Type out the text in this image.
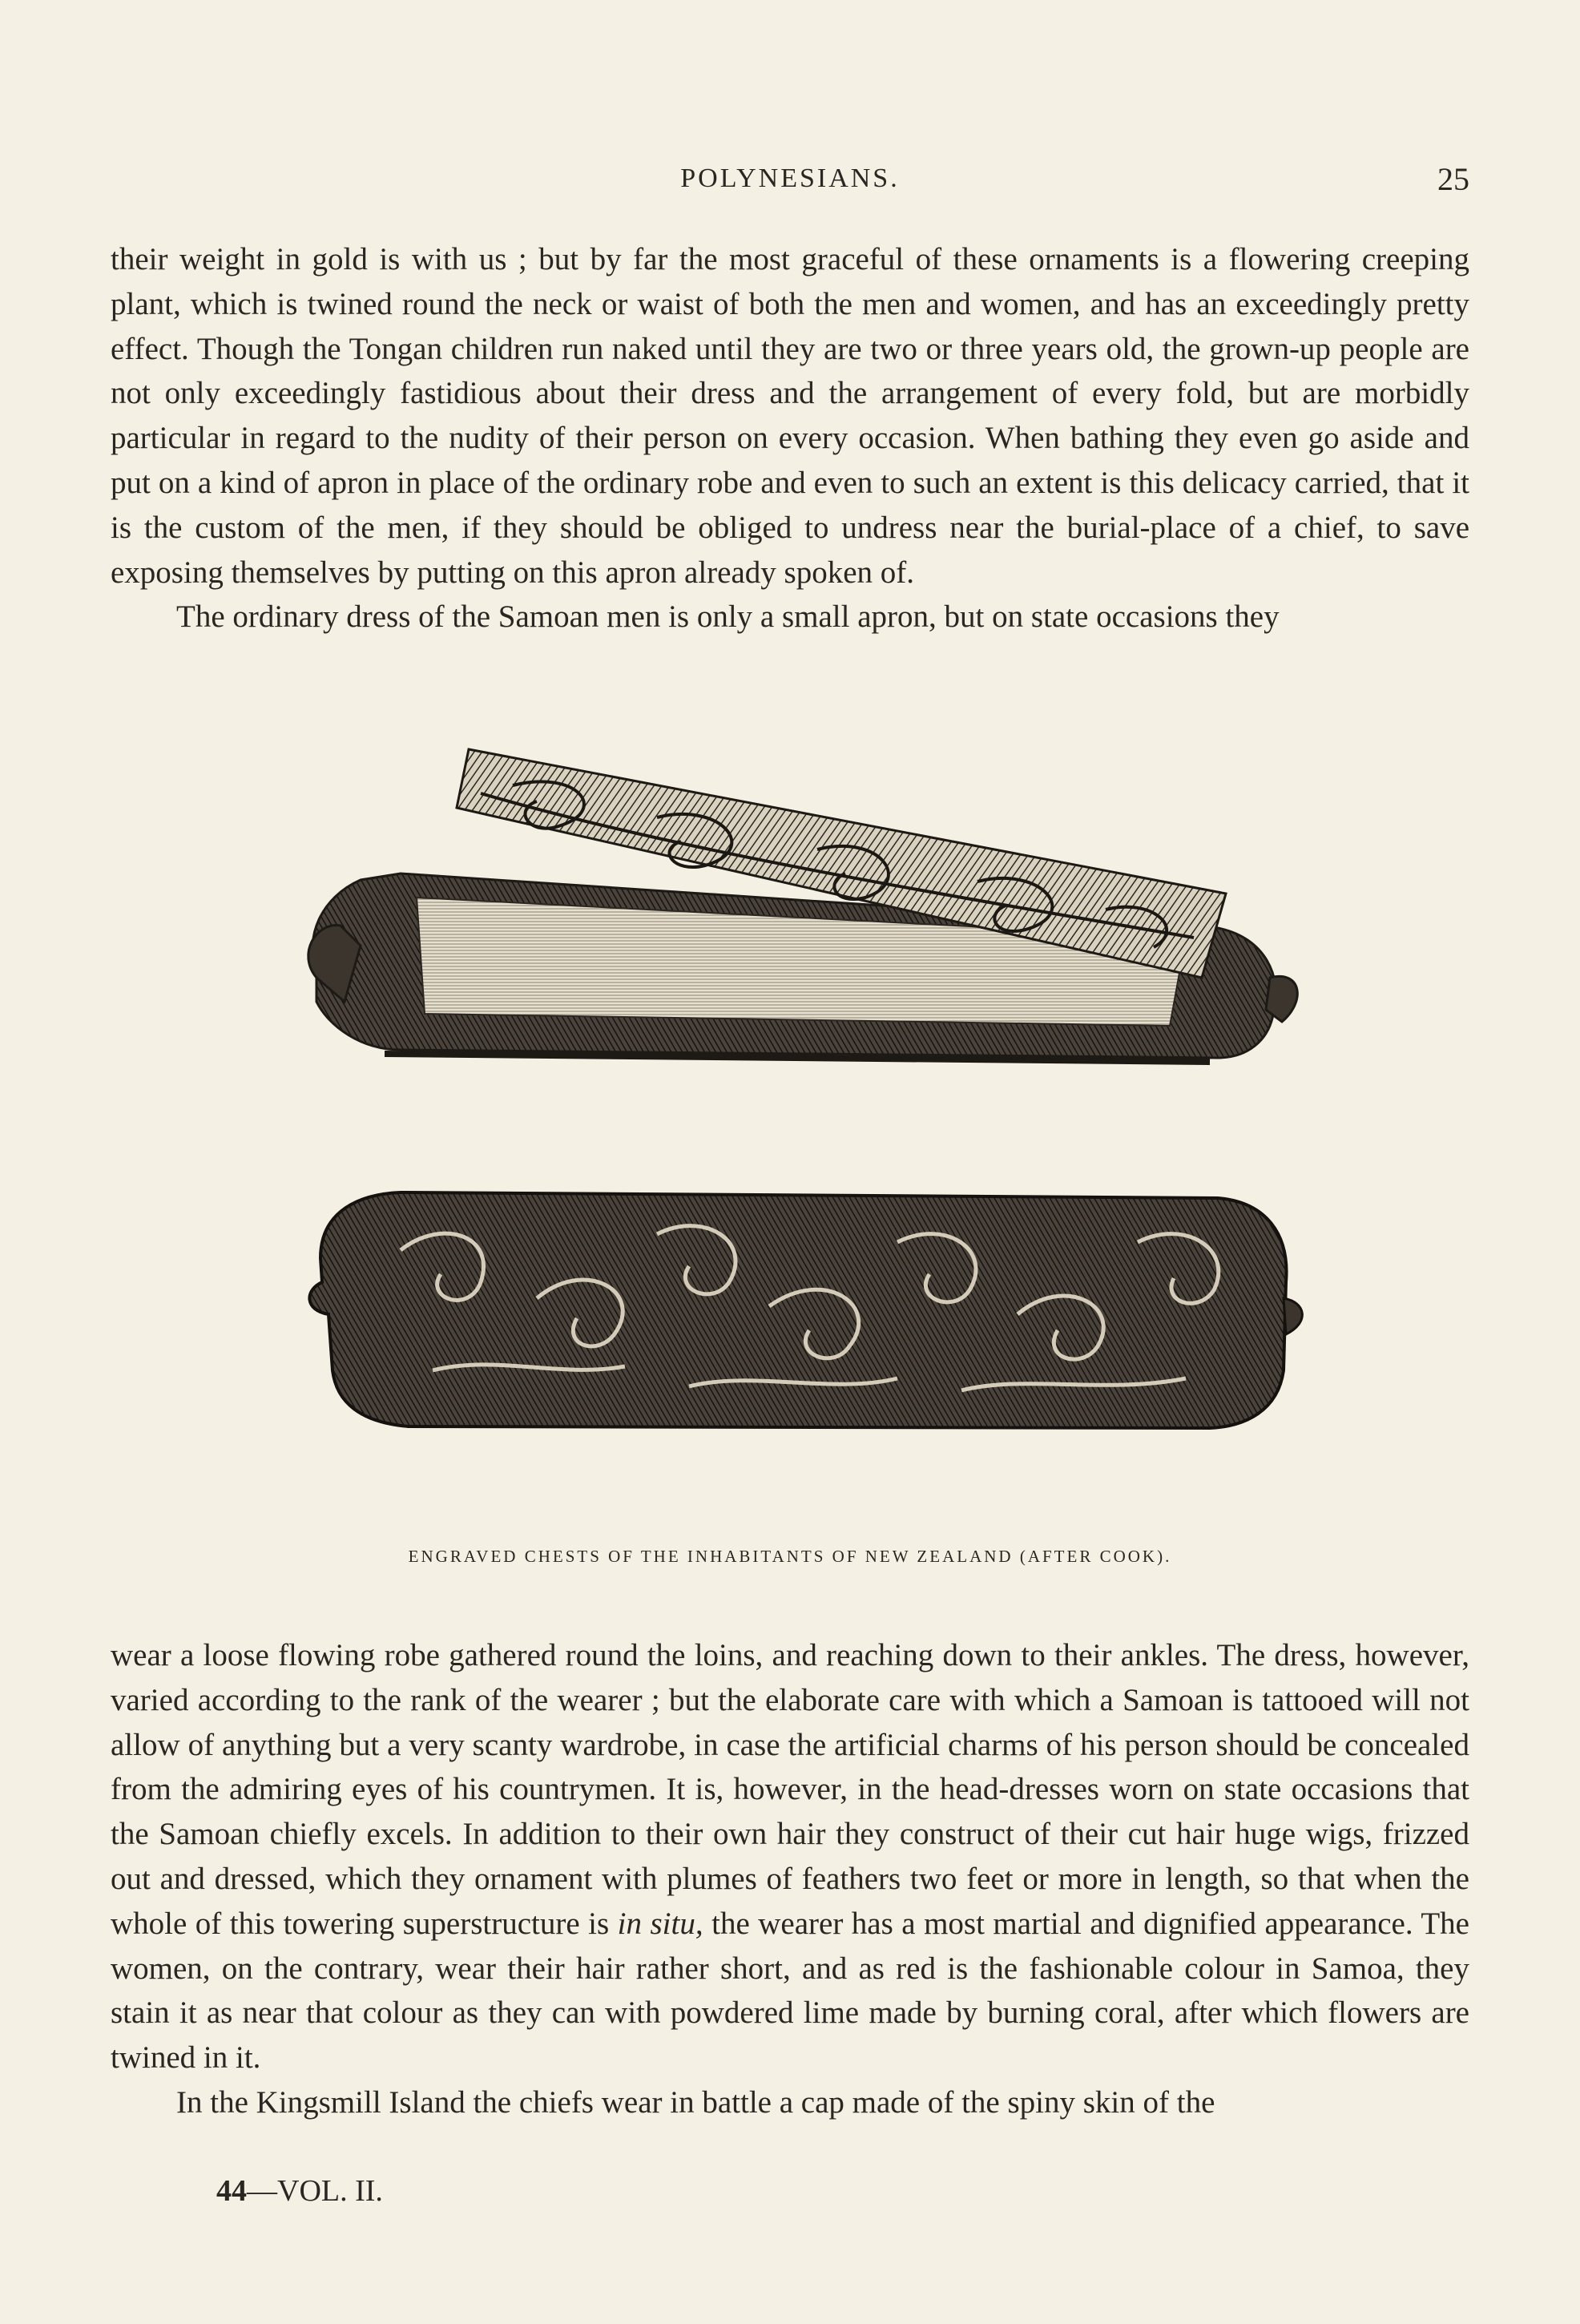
POLYNESIANS.	25

their weight in gold is with us ; but by far the most graceful of these ornaments is a flowering creeping plant, which is twined round the neck or waist of both the men and women, and has an exceedingly pretty effect. Though the Tongan children run naked until they are two or three years old, the grown-up people are not only exceedingly fastidious about their dress and the arrangement of every fold, but are morbidly particular in regard to the nudity of their person on every occasion. When bathing they even go aside and put on a kind of apron in place of the ordinary robe and even to such an extent is this delicacy carried, that it is the custom of the men, if they should be obliged to undress near the burial-place of a chief, to save exposing themselves by putting on this apron already spoken of.

The ordinary dress of the Samoan men is only a small apron, but on state occasions they

ENGRAVED CHESTS OF THE INHABITANTS OF NEW ZEALAND (AFTER COOK).

wear a loose flowing robe gathered round the loins, and reaching down to their ankles. The dress, however, varied according to the rank of the wearer ; but the elaborate care with which a Samoan is tattooed will not allow of anything but a very scanty wardrobe, in case the artificial charms of his person should be concealed from the admiring eyes of his countrymen. It is, however, in the head-dresses worn on state occasions that the Samoan chiefly excels. In addition to their own hair they construct of their cut hair huge wigs, frizzed out and dressed, which they ornament with plumes of feathers two feet or more in length, so that when the whole of this towering superstructure is in situ, the wearer has a most martial and dignified appearance. The women, on the contrary, wear their hair rather short, and as red is the fashionable colour in Samoa, they stain it as near that colour as they can with powdered lime made by burning coral, after which flowers are twined in it.

In the Kingsmill Island the chiefs wear in battle a cap made of the spiny skin of the

44—VOL. II.
